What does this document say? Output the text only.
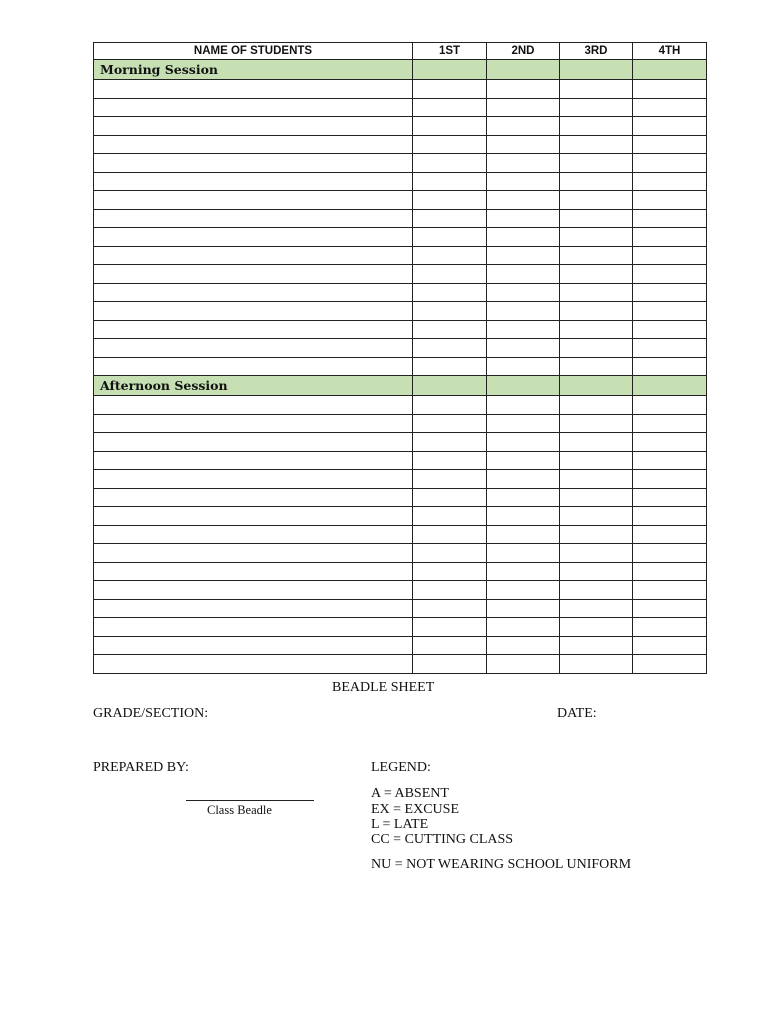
NAME OF STUDENTS	1ST	2ND	3RD	4TH
Morning Session				

Afternoon Session				

BEADLE SHEET
GRADE/SECTION:	DATE:
PREPARED BY:
Class Beadle
LEGEND:
A = ABSENT
EX = EXCUSE
L = LATE
CC = CUTTING CLASS
NU = NOT WEARING SCHOOL UNIFORM
